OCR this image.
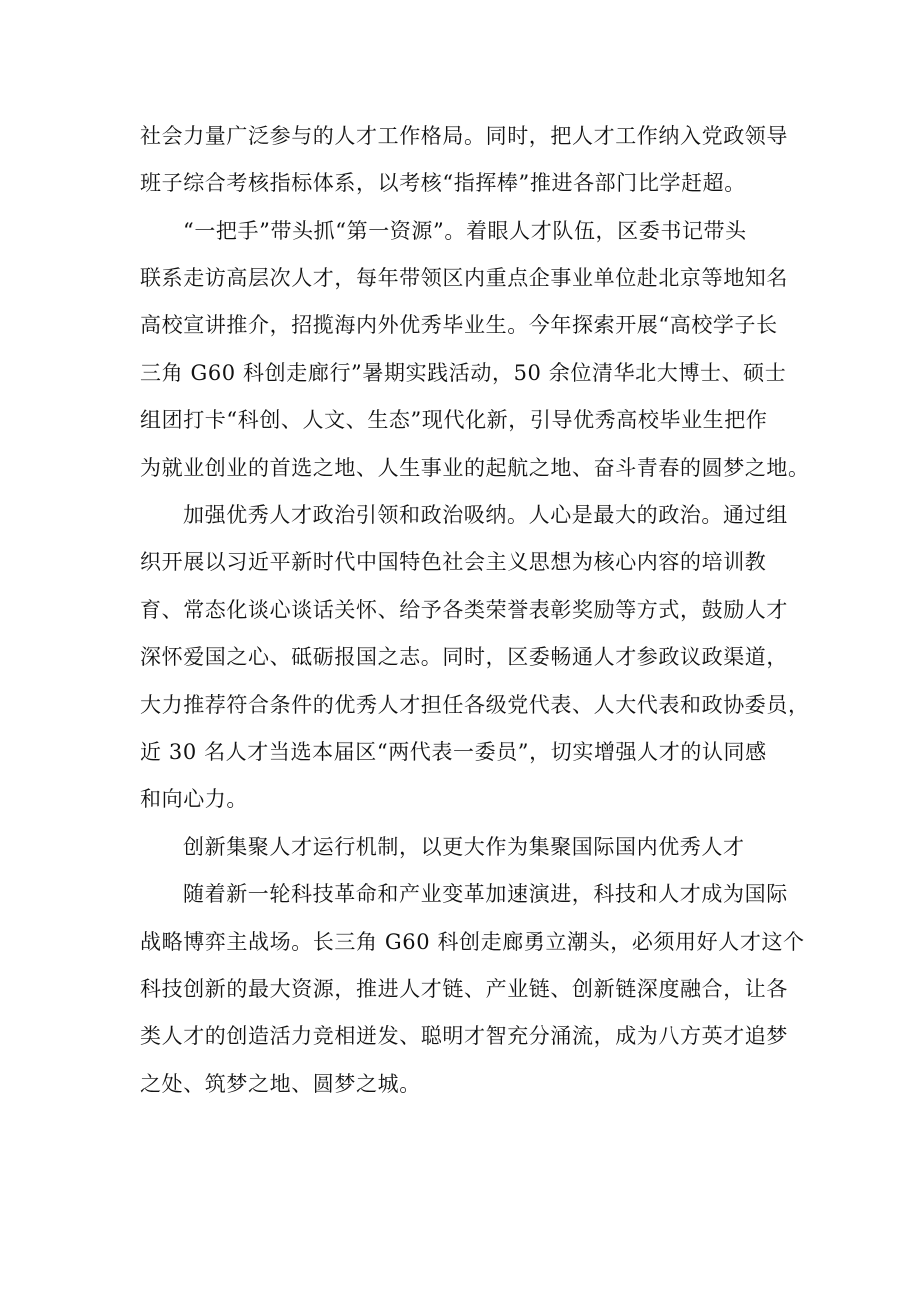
社会力量广泛参与的人才工作格局。同时，把人才工作纳入党政领导
班子综合考核指标体系，以考核“指挥棒”推进各部门比学赶超。
“一把手”带头抓“第一资源”。着眼人才队伍，区委书记带头
联系走访高层次人才，每年带领区内重点企事业单位赴北京等地知名
高校宣讲推介，招揽海内外优秀毕业生。今年探索开展“高校学子长
三角 G60 科创走廊行”暑期实践活动，50 余位清华北大博士、硕士
组团打卡“科创、人文、生态”现代化新，引导优秀高校毕业生把作
为就业创业的首选之地、人生事业的起航之地、奋斗青春的圆梦之地。
加强优秀人才政治引领和政治吸纳。人心是最大的政治。通过组
织开展以习近平新时代中国特色社会主义思想为核心内容的培训教
育、常态化谈心谈话关怀、给予各类荣誉表彰奖励等方式，鼓励人才
深怀爱国之心、砥砺报国之志。同时，区委畅通人才参政议政渠道，
大力推荐符合条件的优秀人才担任各级党代表、人大代表和政协委员，
近 30 名人才当选本届区“两代表一委员”，切实增强人才的认同感
和向心力。
创新集聚人才运行机制，以更大作为集聚国际国内优秀人才
随着新一轮科技革命和产业变革加速演进，科技和人才成为国际
战略博弈主战场。长三角 G60 科创走廊勇立潮头，必须用好人才这个
科技创新的最大资源，推进人才链、产业链、创新链深度融合，让各
类人才的创造活力竞相迸发、聪明才智充分涌流，成为八方英才追梦
之处、筑梦之地、圆梦之城。
